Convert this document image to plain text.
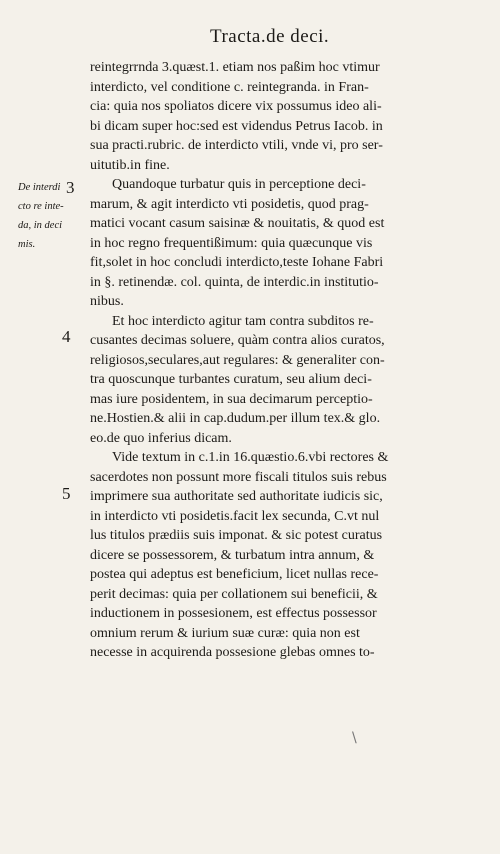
Tracta.de deci.
3
4
5
De interdi
cto re inte-
da, in deci
mis.
reintegrrnda 3.quæst.1. etiam nos paßim hoc vtimur
interdicto, vel conditione c. reintegranda. in Fran-
cia: quia nos spoliatos dicere vix possumus ideo ali-
bi dicam super hoc:sed est videndus Petrus Iacob. in
sua practi.rubric. de interdicto vtili, vnde vi, pro ser-
uitutib.in fine.
Quandoque turbatur quis in perceptione deci-
marum, & agit interdicto vti posidetis, quod prag-
matici vocant casum saisinæ & nouitatis, & quod est
in hoc regno frequentißimum: quia quæcunque vis
fit,solet in hoc concludi interdicto,teste Iohane Fabri
in §. retinendæ. col. quinta, de interdic.in institutio-
nibus.
Et hoc interdicto agitur tam contra subditos re-
cusantes decimas soluere, quàm contra alios curatos,
religiosos,seculares,aut regulares: & generaliter con-
tra quoscunque turbantes curatum, seu alium deci-
mas iure posidentem, in sua decimarum perceptio-
ne.Hostien.& alii in cap.dudum.per illum tex.& glo.
eo.de quo inferius dicam.
Vide textum in c.1.in 16.quæstio.6.vbi rectores &
sacerdotes non possunt more fiscali titulos suis rebus
imprimere sua authoritate sed authoritate iudicis sic,
in interdicto vti posidetis.facit lex secunda, C.vt nul
lus titulos prædiis suis imponat. & sic potest curatus
dicere se possessorem, & turbatum intra annum, &
postea qui adeptus est beneficium, licet nullas rece-
perit decimas: quia per collationem sui beneficii, &
inductionem in possesionem, est effectus possessor
omnium rerum & iurium suæ curæ: quia non est
necesse in acquirenda possesione glebas omnes to-
\
